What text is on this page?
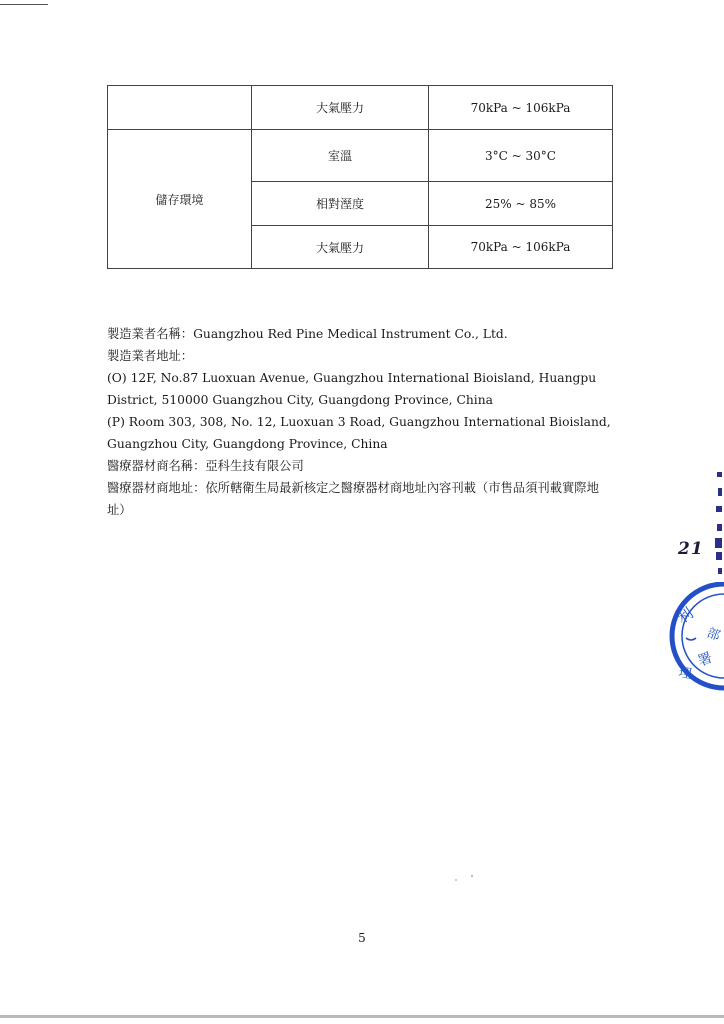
	大氣壓力	70kPa ~ 106kPa
儲存環境	室溫	3°C ~ 30°C
	相對溼度	25% ~ 85%
	大氣壓力	70kPa ~ 106kPa

製造業者名稱：Guangzhou Red Pine Medical Instrument Co., Ltd.

製造業者地址：

(O) 12F, No.87 Luoxuan Avenue, Guangzhou International Bioisland, Huangpu District, 510000 Guangzhou City, Guangdong Province, China

(P) Room 303, 308, No. 12, Luoxuan 3 Road, Guangzhou International Bioisland, Guangzhou City, Guangdong Province, China

醫療器材商名稱：亞科生技有限公司

醫療器材商地址：依所轄衛生局最新核定之醫療器材商地址內容刊載（市售品須刊載實際地址）

21
利
部
署
理
5
